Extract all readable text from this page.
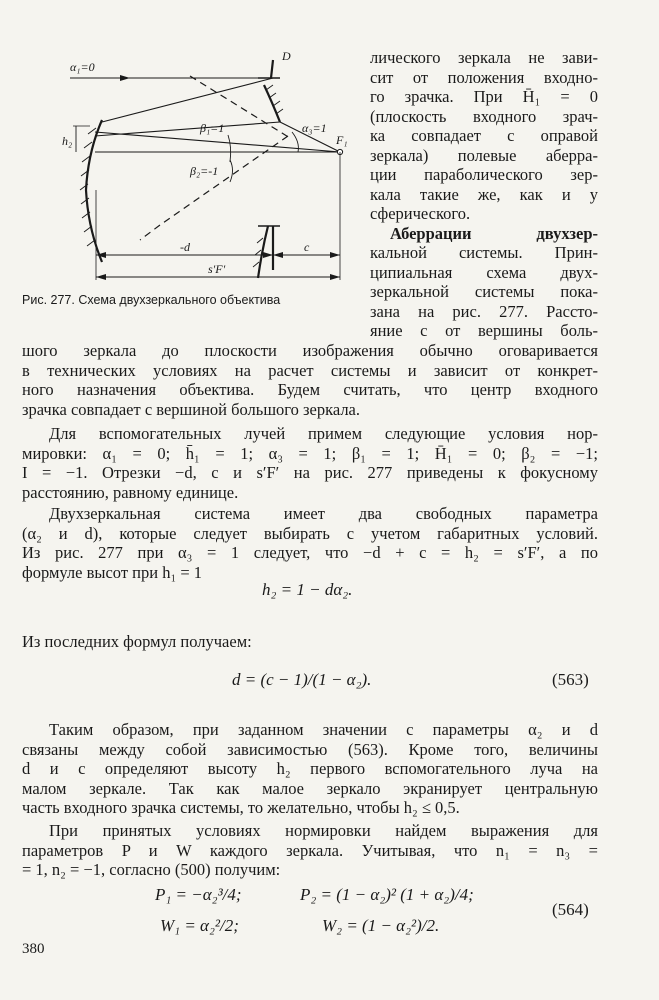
α₁=0
D
β₁=1	α₃=1
h₂
β₂=-1
F₁
-d	c
s′F′
Рис. 277. Схема двухзеркального объектива
лического зеркала не зави-
сит от положения входно-
го зрачка. При H̄₁ = 0
(плоскость входного зрач-
ка совпадает с оправой
зеркала) полевые аберра-
ции параболического зер-
кала такие же, как и у
сферического.
Аберрации двухзер-
кальной системы. Прин-
ципиальная схема двух-
зеркальной системы пока-
зана на рис. 277. Рассто-
яние c от вершины боль-
шого зеркала до плоскости изображения обычно оговаривается
в технических условиях на расчет системы и зависит от конкрет-
ного назначения объектива. Будем считать, что центр входного
зрачка совпадает с вершиной большого зеркала.
Для вспомогательных лучей примем следующие условия нор-
мировки: α₁ = 0; h̄₁ = 1; α₃ = 1; β₁ = 1; H̄₁ = 0; β₂ = −1;
I = −1. Отрезки −d, c и s′F′ на рис. 277 приведены к фокусному
расстоянию, равному единице.
Двухзеркальная система имеет два свободных параметра
(α₂ и d), которые следует выбирать с учетом габаритных условий.
Из рис. 277 при α₃ = 1 следует, что −d + c = h₂ = s′F′, а по
формуле высот при h₁ = 1
h₂ = 1 − dα₂.
Из последних формул получаем:
d = (c − 1)/(1 − α₂).	(563)
Таким образом, при заданном значении c параметры α₂ и d
связаны между собой зависимостью (563). Кроме того, величины
d и c определяют высоту h₂ первого вспомогательного луча на
малом зеркале. Так как малое зеркало экранирует центральную
часть входного зрачка системы, то желательно, чтобы h₂ ≤ 0,5.
При принятых условиях нормировки найдем выражения для
параметров P и W каждого зеркала. Учитывая, что n₁ = n₃ =
= 1, n₂ = −1, согласно (500) получим:
P₁ = −α₂³/4;	P₂ = (1 − α₂)² (1 + α₂)/4;
W₁ = α₂²/2;	W₂ = (1 − α₂²)/2.
(564)
380
